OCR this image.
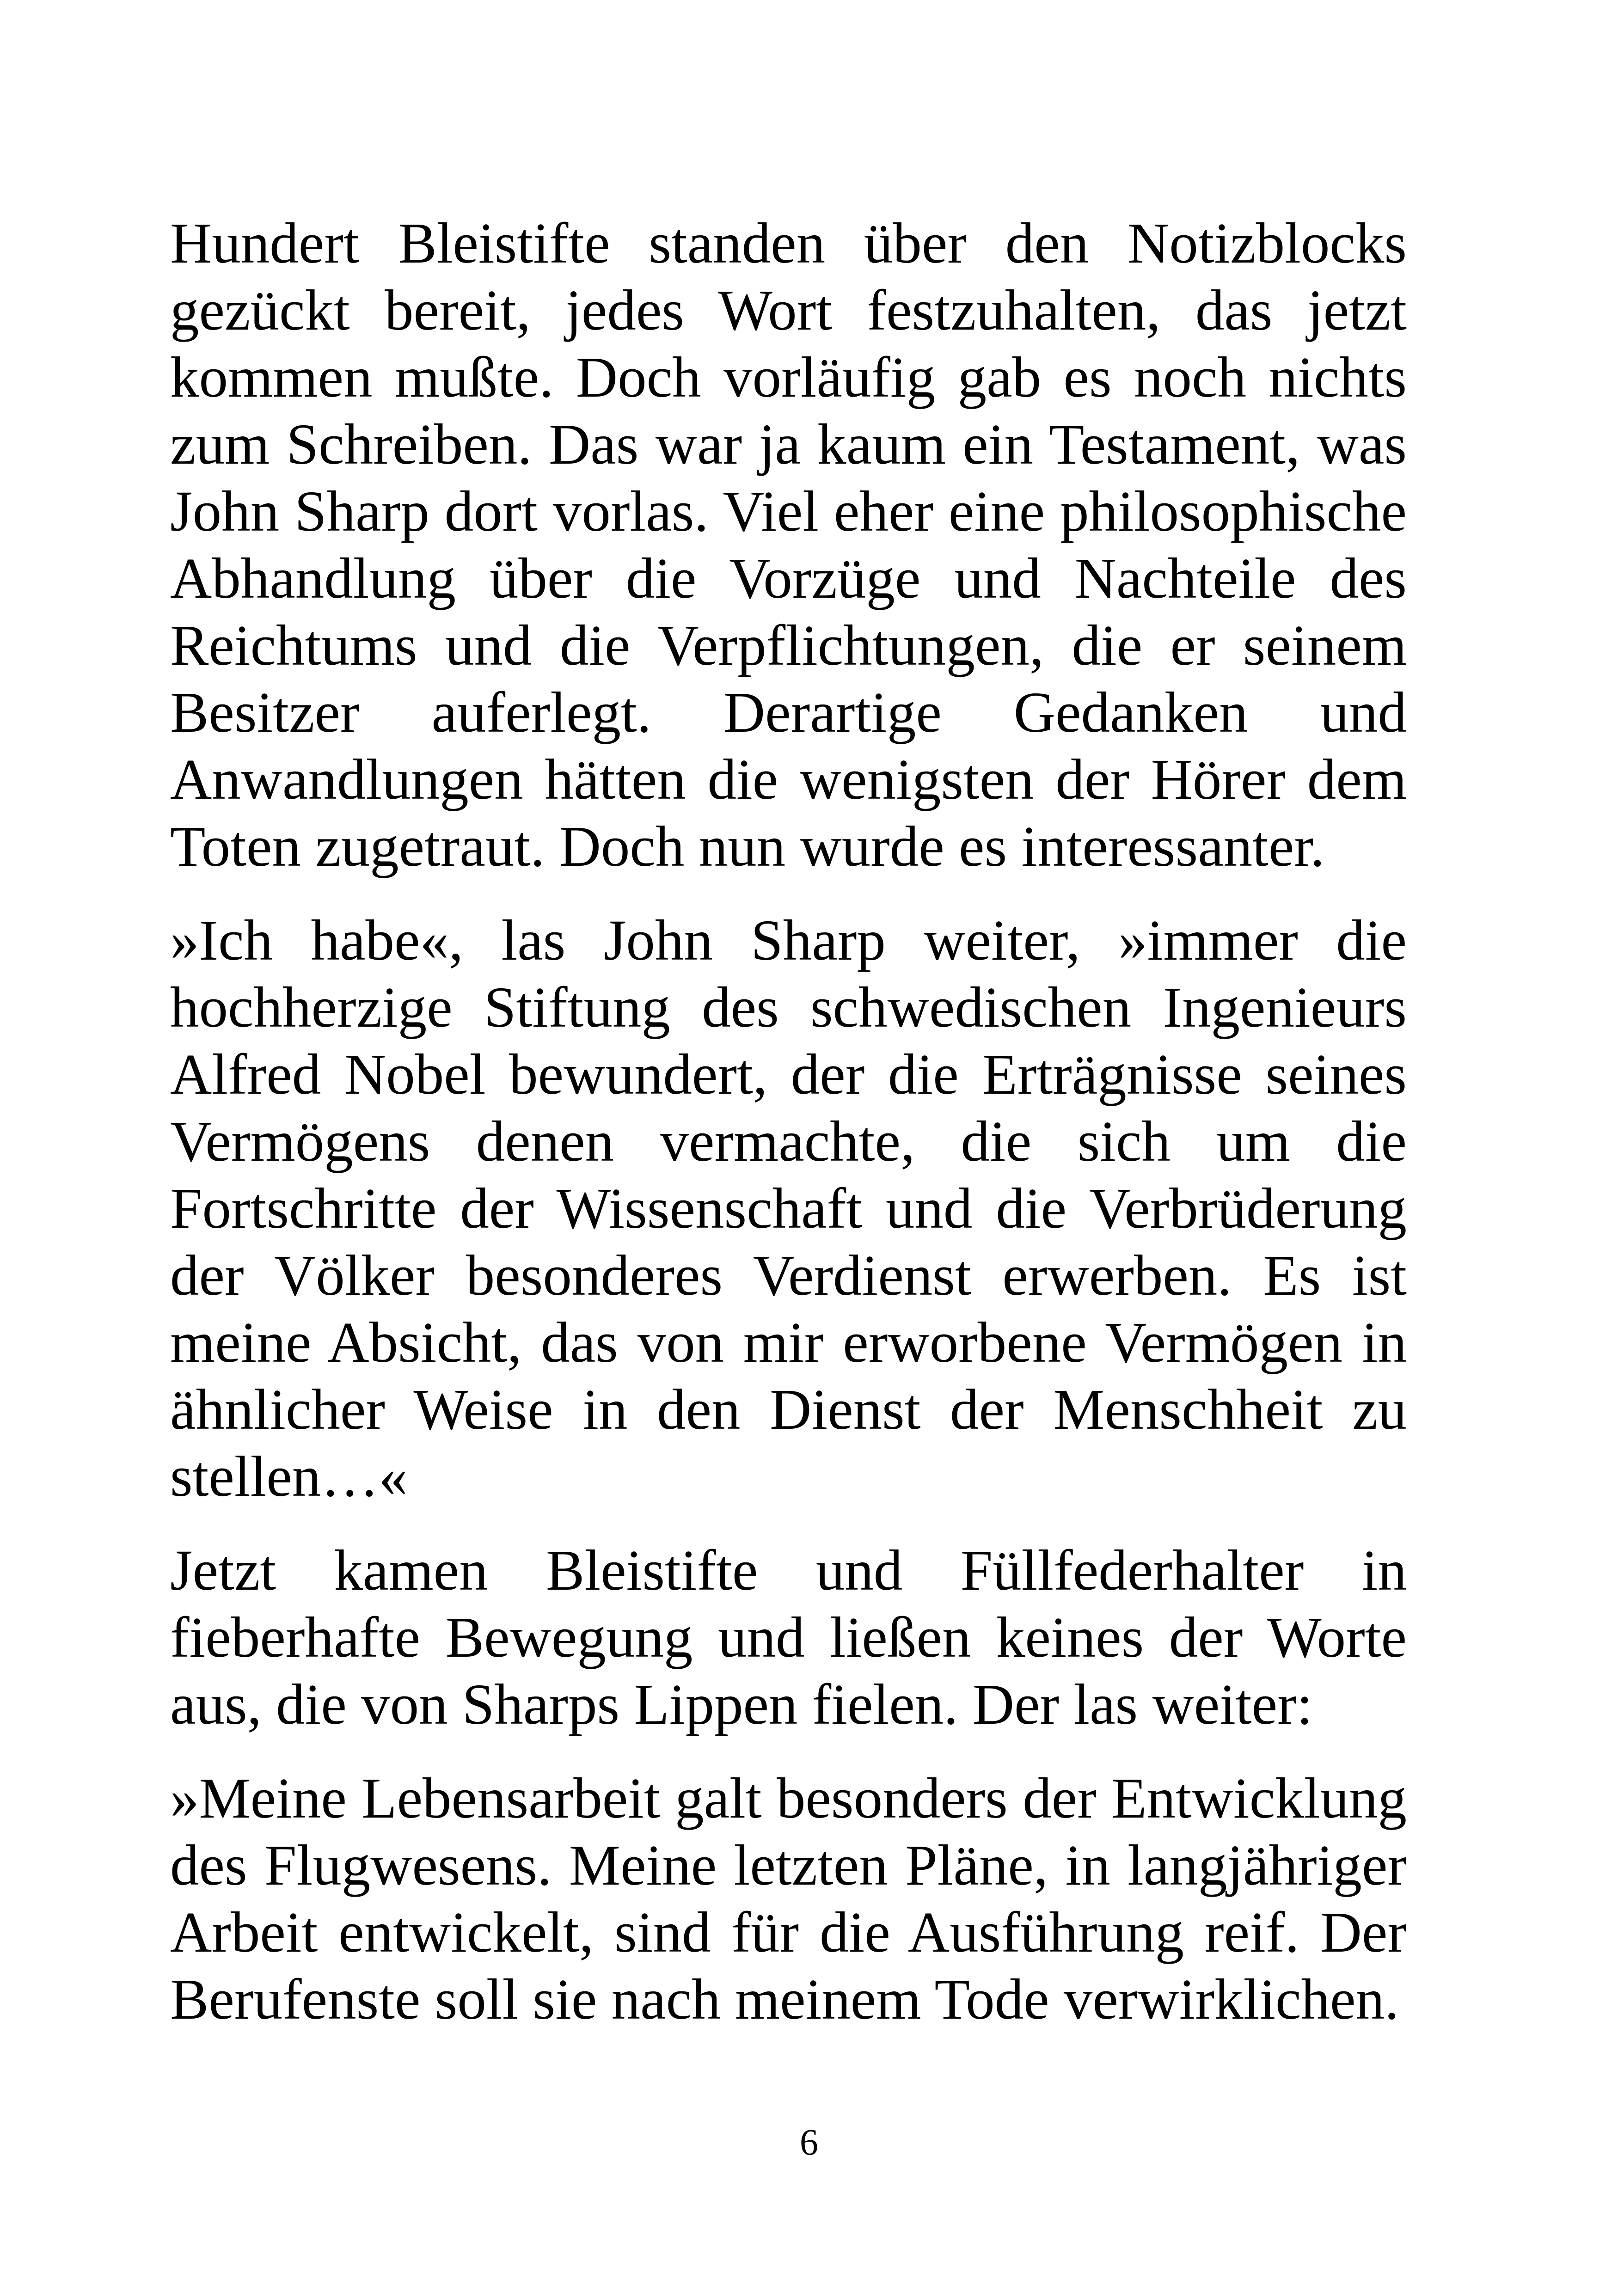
Hundert Bleistifte standen über den Notizblocks gezückt bereit, jedes Wort festzuhalten, das jetzt kommen mußte. Doch vorläufig gab es noch nichts zum Schreiben. Das war ja kaum ein Testament, was John Sharp dort vorlas. Viel eher eine philosophische Abhandlung über die Vorzüge und Nachteile des Reichtums und die Verpflichtungen, die er seinem Besitzer auferlegt. Derartige Gedanken und Anwandlungen hätten die wenigsten der Hörer dem Toten zugetraut. Doch nun wurde es interessanter.

»Ich habe«, las John Sharp weiter, »immer die hochherzige Stiftung des schwedischen Ingenieurs Alfred Nobel bewundert, der die Erträgnisse seines Vermögens denen vermachte, die sich um die Fortschritte der Wissenschaft und die Verbrüderung der Völker besonderes Verdienst erwerben. Es ist meine Absicht, das von mir erworbene Vermögen in ähnlicher Weise in den Dienst der Menschheit zu stellen…«

Jetzt kamen Bleistifte und Füllfederhalter in fieberhafte Bewegung und ließen keines der Worte aus, die von Sharps Lippen fielen. Der las weiter:

»Meine Lebensarbeit galt besonders der Entwicklung des Flugwesens. Meine letzten Pläne, in langjähriger Arbeit entwickelt, sind für die Ausführung reif. Der Berufenste soll sie nach meinem Tode verwirklichen.

6
